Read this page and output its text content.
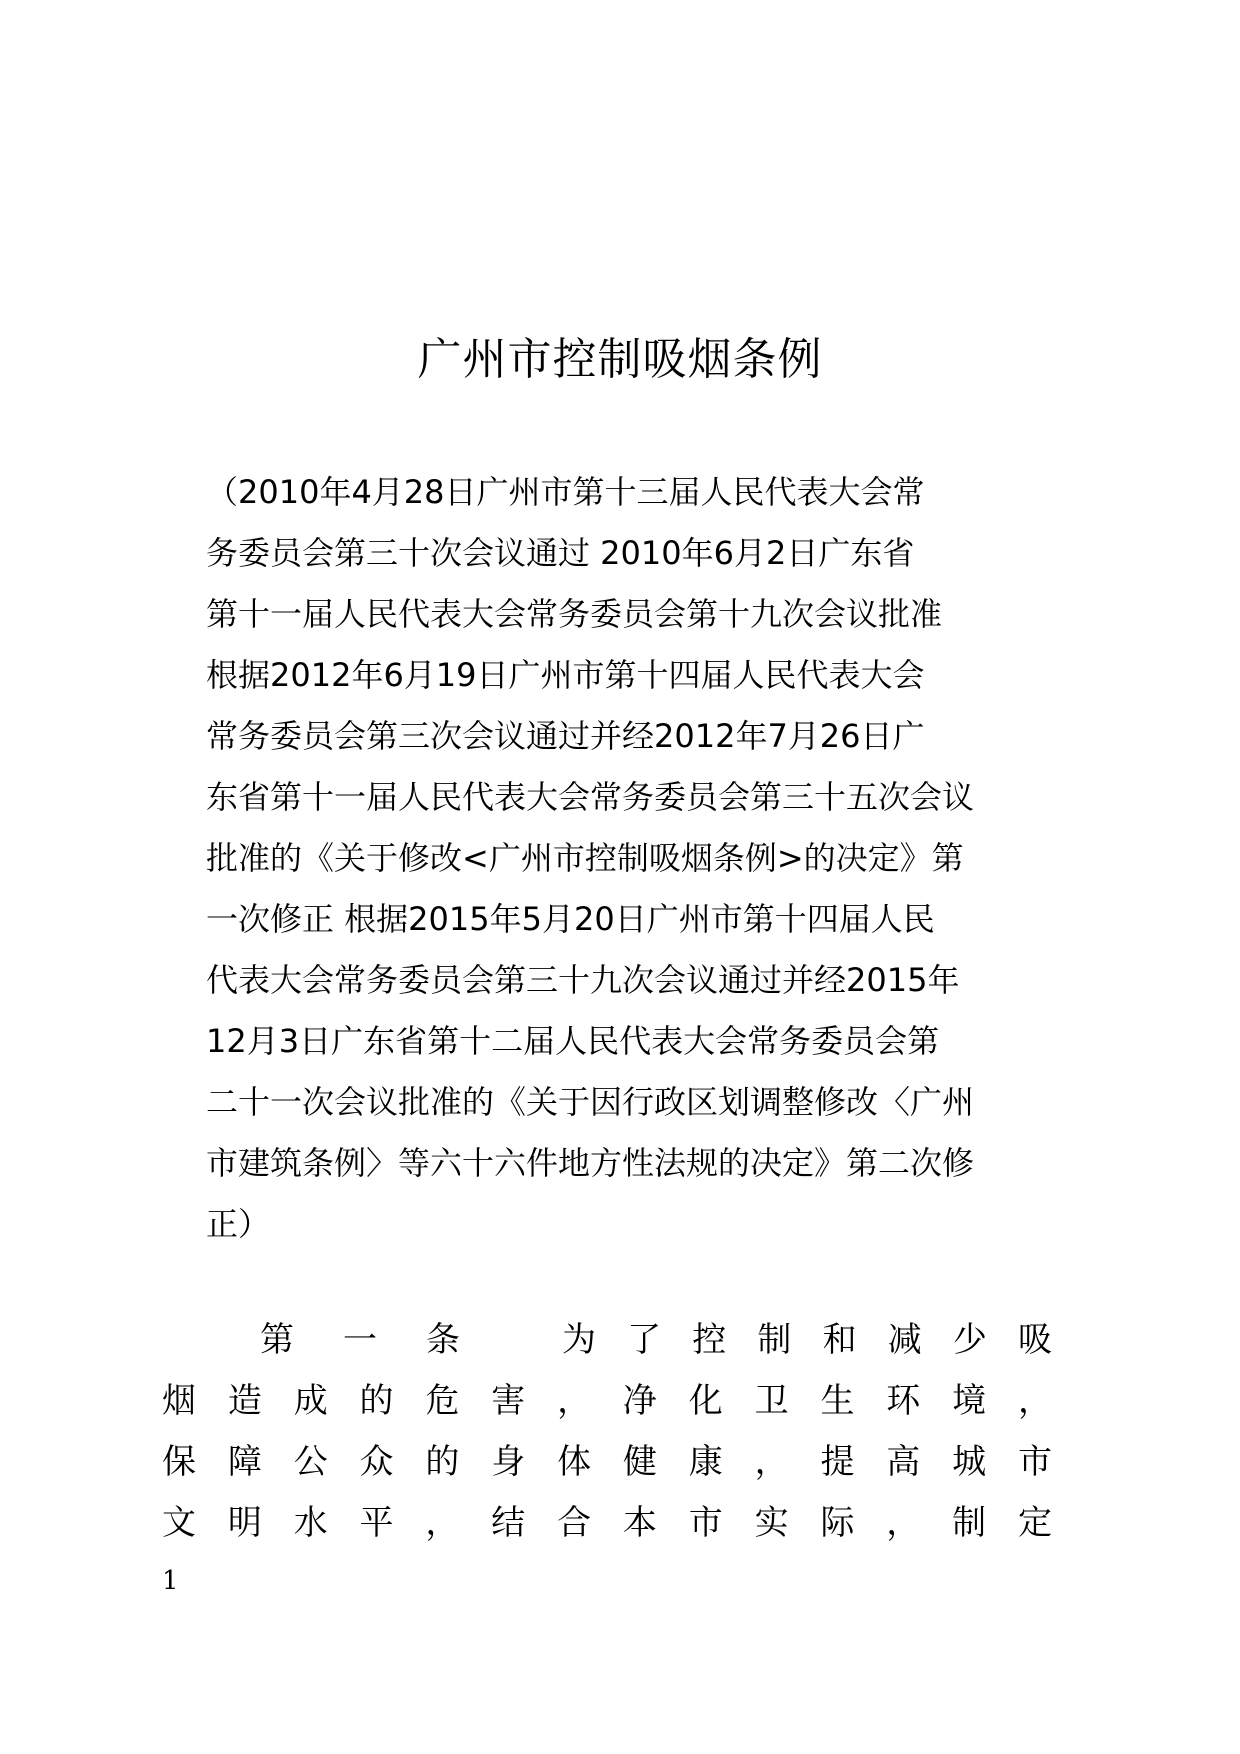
广州市控制吸烟条例
（2010年4月28日广州市第十三届人民代表大会常
务委员会第三十次会议通过 2010年6月2日广东省
第十一届人民代表大会常务委员会第十九次会议批准
根据2012年6月19日广州市第十四届人民代表大会
常务委员会第三次会议通过并经2012年7月26日广
东省第十一届人民代表大会常务委员会第三十五次会议
批准的《关于修改<广州市控制吸烟条例>的决定》第
一次修正 根据2015年5月20日广州市第十四届人民
代表大会常务委员会第三十九次会议通过并经2015年
12月3日广东省第十二届人民代表大会常务委员会第
二十一次会议批准的《关于因行政区划调整修改〈广州
市建筑条例〉等六十六件地方性法规的决定》第二次修
正）
第 一 条	为 了 控 制 和 减 少 吸
烟 造 成 的 危 害 ， 净 化 卫 生 环 境 ，
保 障 公 众 的 身 体 健 康 ， 提 高 城 市
文 明 水 平 ， 结 合 本 市 实 际 ， 制 定
1
